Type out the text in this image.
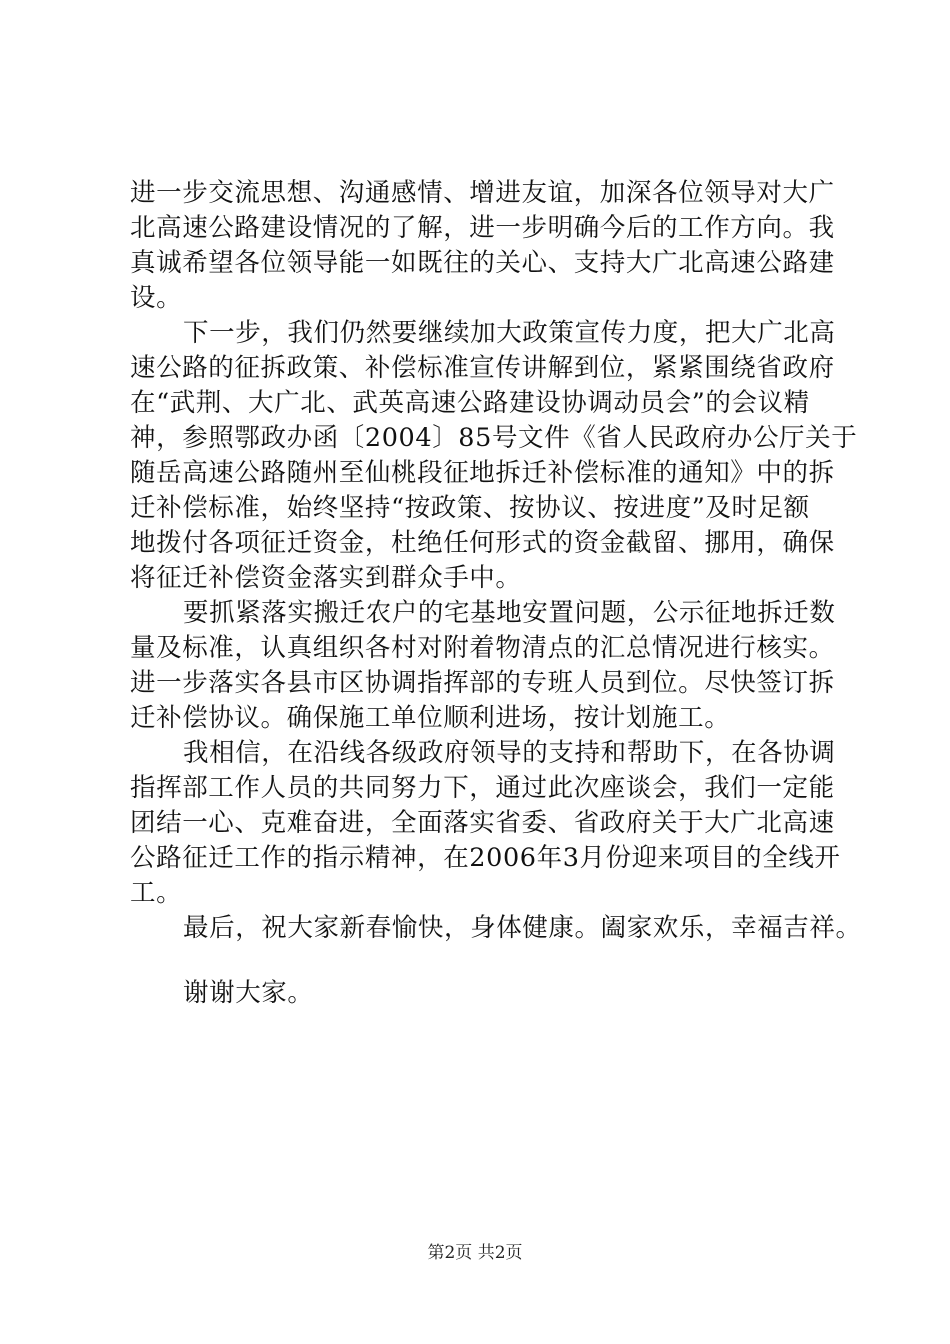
进一步交流思想、沟通感情、增进友谊，加深各位领导对大广
北高速公路建设情况的了解，进一步明确今后的工作方向。我
真诚希望各位领导能一如既往的关心、支持大广北高速公路建
设。
下一步，我们仍然要继续加大政策宣传力度，把大广北高
速公路的征拆政策、补偿标准宣传讲解到位，紧紧围绕省政府
在“武荆、大广北、武英高速公路建设协调动员会”的会议精
神，参照鄂政办函〔2004〕85号文件《省人民政府办公厅关于
随岳高速公路随州至仙桃段征地拆迁补偿标准的通知》中的拆
迁补偿标准，始终坚持“按政策、按协议、按进度”及时足额
地拨付各项征迁资金，杜绝任何形式的资金截留、挪用，确保
将征迁补偿资金落实到群众手中。
要抓紧落实搬迁农户的宅基地安置问题，公示征地拆迁数
量及标准，认真组织各村对附着物清点的汇总情况进行核实。
进一步落实各县市区协调指挥部的专班人员到位。尽快签订拆
迁补偿协议。确保施工单位顺利进场，按计划施工。
我相信，在沿线各级政府领导的支持和帮助下，在各协调
指挥部工作人员的共同努力下，通过此次座谈会，我们一定能
团结一心、克难奋进，全面落实省委、省政府关于大广北高速
公路征迁工作的指示精神，在2006年3月份迎来项目的全线开
工。
最后，祝大家新春愉快，身体健康。阖家欢乐，幸福吉祥。
谢谢大家。
第2页 共2页
